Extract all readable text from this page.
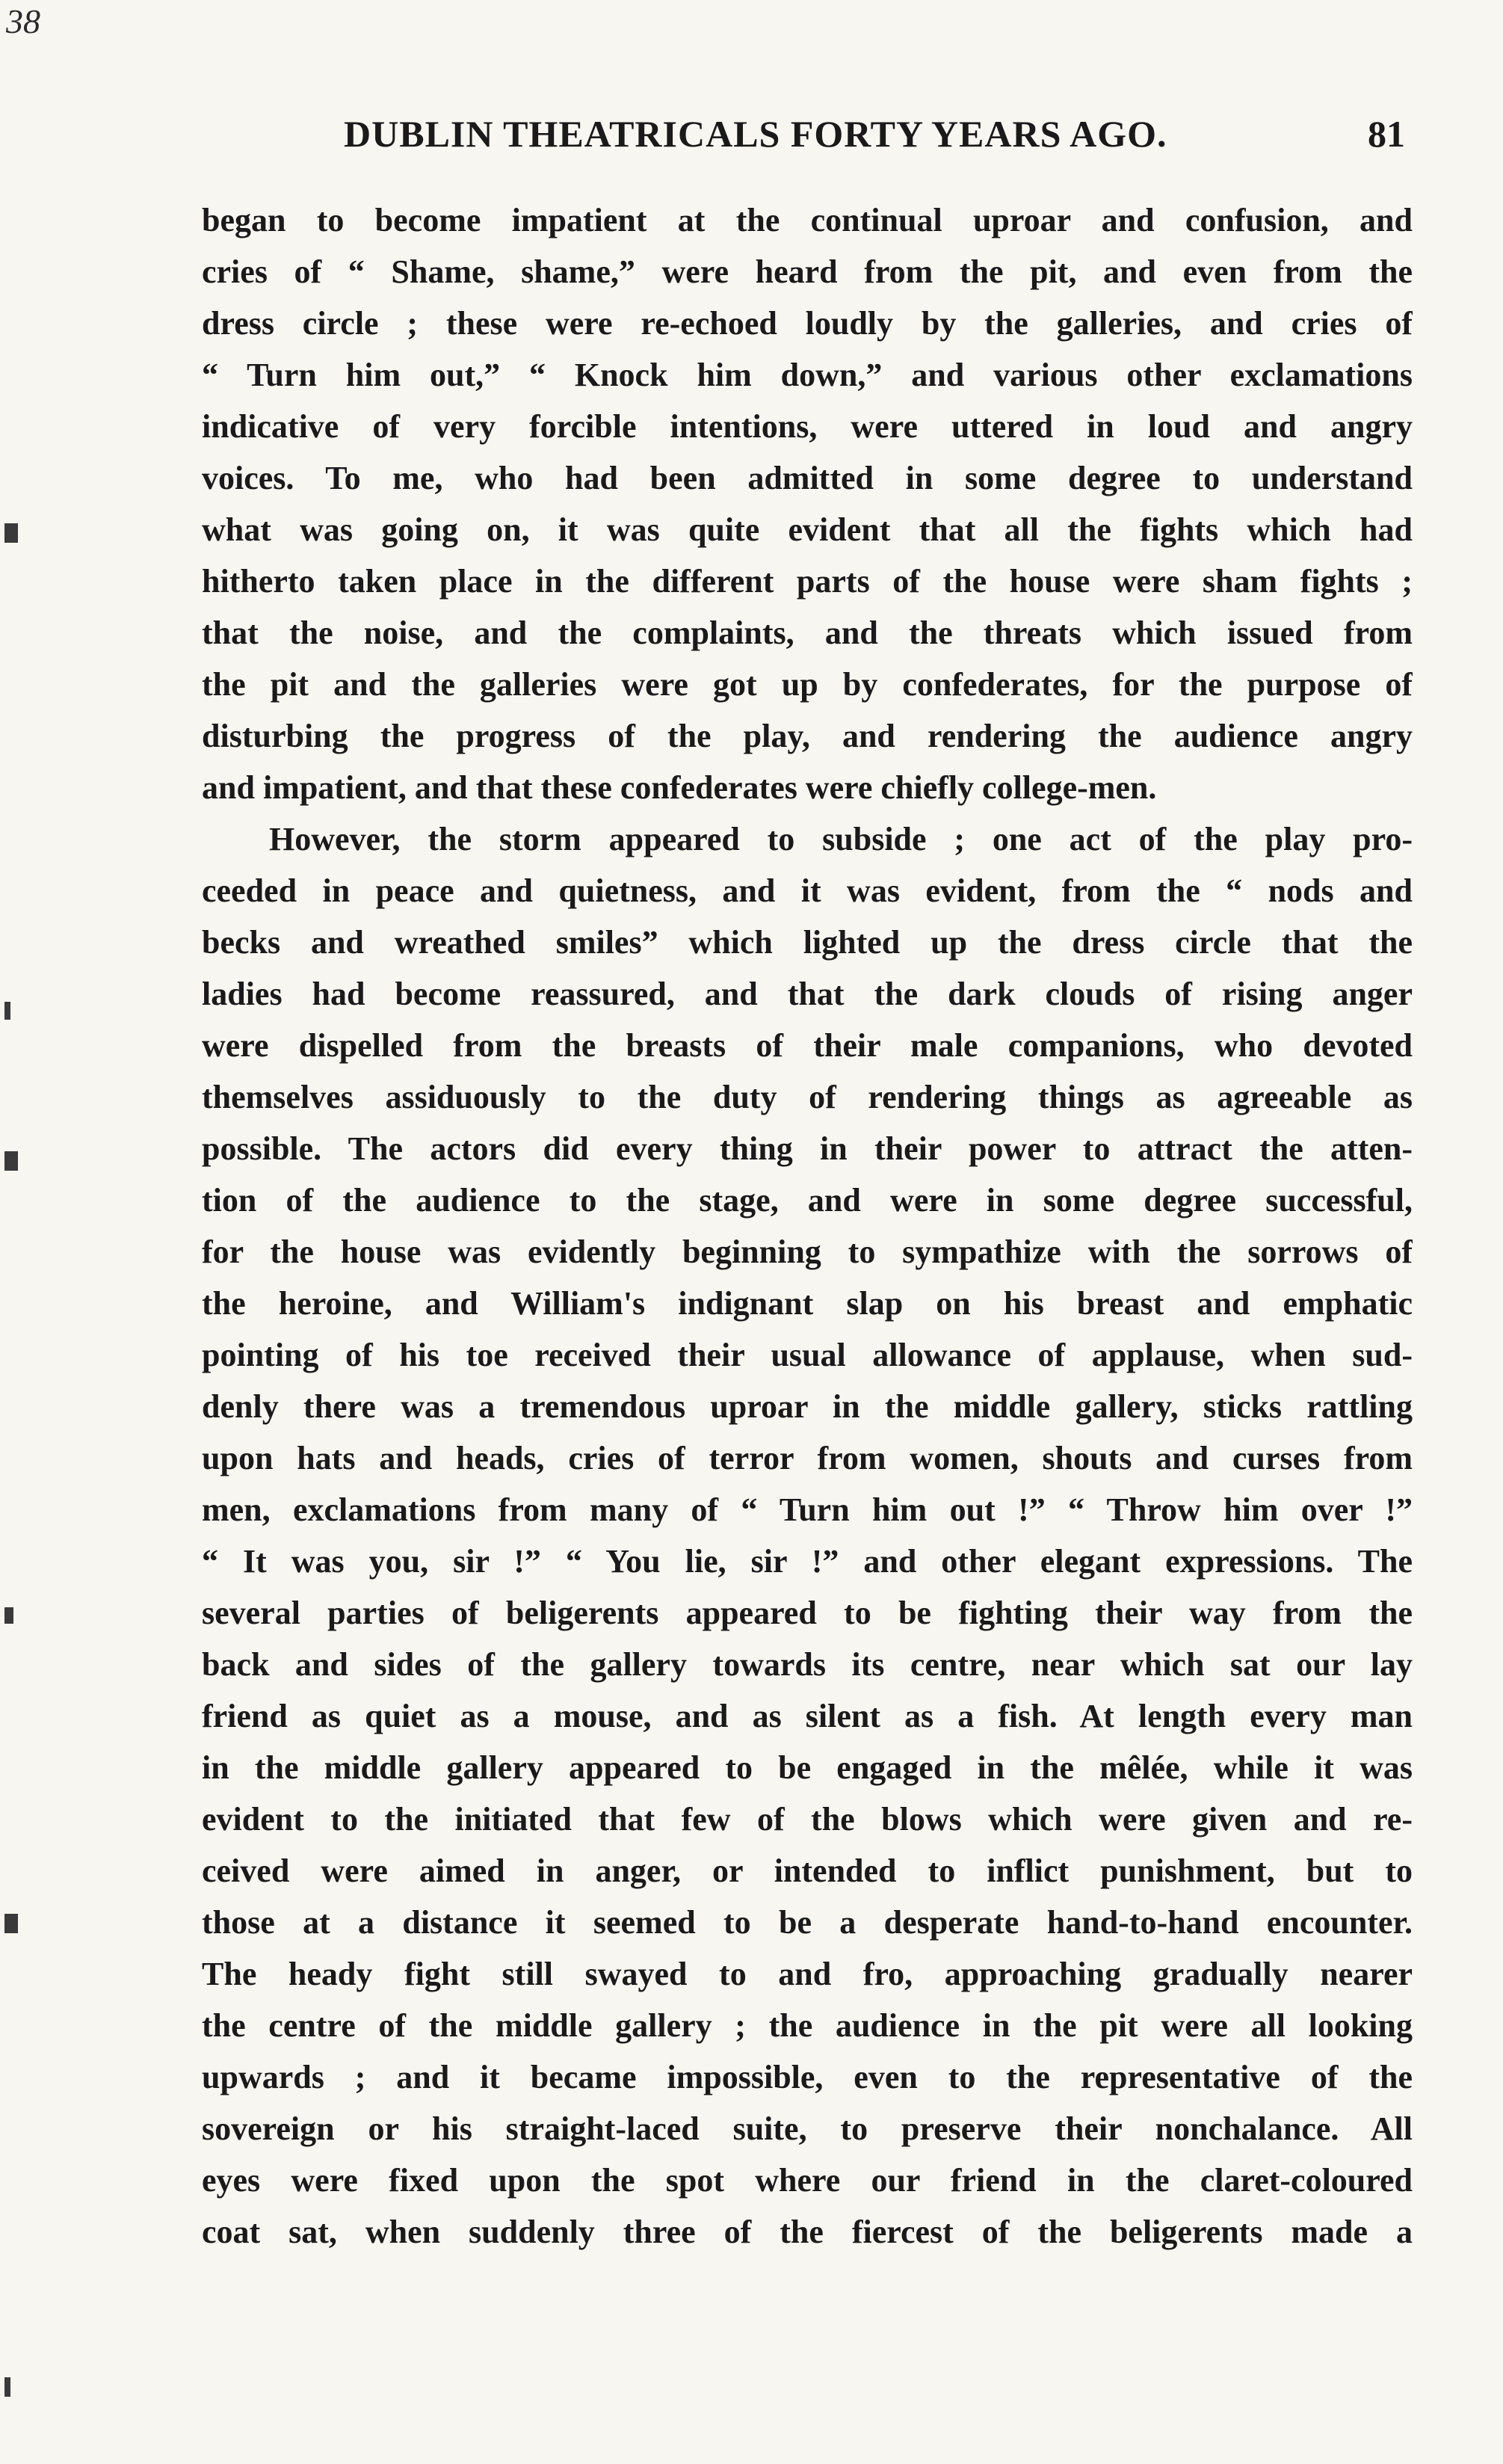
38
DUBLIN THEATRICALS FORTY YEARS AGO.	81
began to become impatient at the continual uproar and confusion, and
cries of “ Shame, shame,” were heard from the pit, and even from the
dress circle ; these were re-echoed loudly by the galleries, and cries of
“ Turn him out,” “ Knock him down,” and various other exclamations
indicative of very forcible intentions, were uttered in loud and angry
voices. To me, who had been admitted in some degree to understand
what was going on, it was quite evident that all the fights which had
hitherto taken place in the different parts of the house were sham fights ;
that the noise, and the complaints, and the threats which issued from
the pit and the galleries were got up by confederates, for the purpose of
disturbing the progress of the play, and rendering the audience angry
and impatient, and that these confederates were chiefly college-men.
However, the storm appeared to subside ; one act of the play pro-
ceeded in peace and quietness, and it was evident, from the “ nods and
becks and wreathed smiles” which lighted up the dress circle that the
ladies had become reassured, and that the dark clouds of rising anger
were dispelled from the breasts of their male companions, who devoted
themselves assiduously to the duty of rendering things as agreeable as
possible. The actors did every thing in their power to attract the atten-
tion of the audience to the stage, and were in some degree successful,
for the house was evidently beginning to sympathize with the sorrows of
the heroine, and William's indignant slap on his breast and emphatic
pointing of his toe received their usual allowance of applause, when sud-
denly there was a tremendous uproar in the middle gallery, sticks rattling
upon hats and heads, cries of terror from women, shouts and curses from
men, exclamations from many of “ Turn him out !” “ Throw him over !”
“ It was you, sir !” “ You lie, sir !” and other elegant expressions. The
several parties of beligerents appeared to be fighting their way from the
back and sides of the gallery towards its centre, near which sat our lay
friend as quiet as a mouse, and as silent as a fish. At length every man
in the middle gallery appeared to be engaged in the mêlée, while it was
evident to the initiated that few of the blows which were given and re-
ceived were aimed in anger, or intended to inflict punishment, but to
those at a distance it seemed to be a desperate hand-to-hand encounter.
The heady fight still swayed to and fro, approaching gradually nearer
the centre of the middle gallery ; the audience in the pit were all looking
upwards ; and it became impossible, even to the representative of the
sovereign or his straight-laced suite, to preserve their nonchalance. All
eyes were fixed upon the spot where our friend in the claret-coloured
coat sat, when suddenly three of the fiercest of the beligerents made a
